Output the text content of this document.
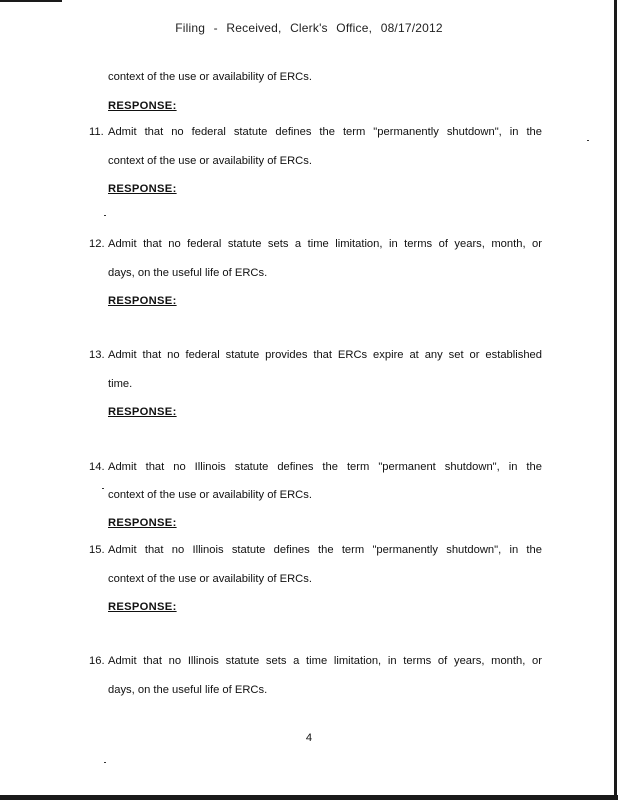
Filing - Received, Clerk's Office, 08/17/2012
context of the use or availability of ERCs.
RESPONSE:
11. Admit that no federal statute defines the term "permanently shutdown", in the
context of the use or availability of ERCs.
RESPONSE:
12. Admit that no federal statute sets a time limitation, in terms of years, month, or
days, on the useful life of ERCs.
RESPONSE:
13. Admit that no federal statute provides that ERCs expire at any set or established
time.
RESPONSE:
14. Admit that no Illinois statute defines the term "permanent shutdown", in the
context of the use or availability of ERCs.
RESPONSE:
15. Admit that no Illinois statute defines the term "permanently shutdown", in the
context of the use or availability of ERCs.
RESPONSE:
16. Admit that no Illinois statute sets a time limitation, in terms of years, month, or
days, on the useful life of ERCs.
4
